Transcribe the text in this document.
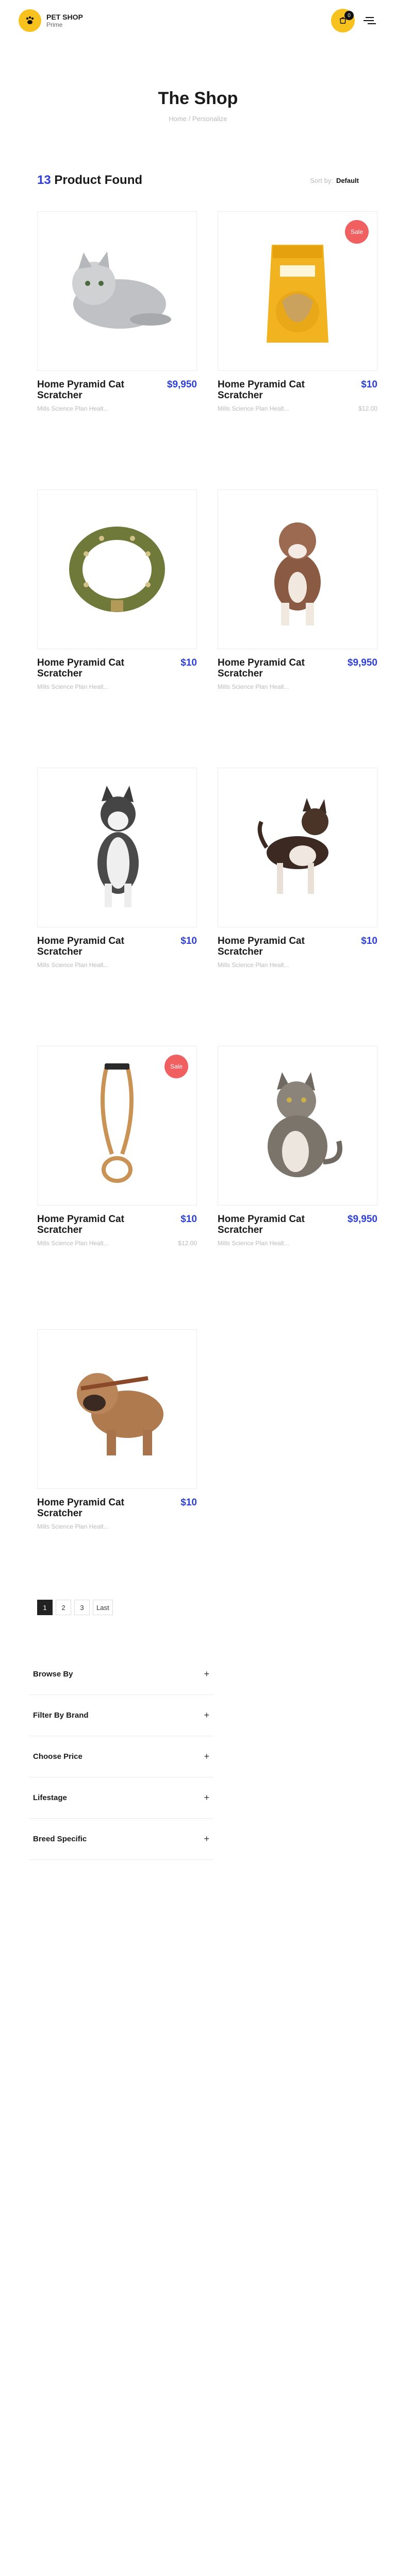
PET SHOP
Prime
0
The Shop
Home / Personalize
13 Product Found	Sort by: Default
Home Pyramid Cat Scratcher
$9,950
Mills Science Plan Healt...
Sale
Home Pyramid Cat Scratcher
$10
Mills Science Plan Healt...	$12.00
Home Pyramid Cat Scratcher
$10
Mills Science Plan Healt...
Home Pyramid Cat Scratcher
$9,950
Mills Science Plan Healt...
Home Pyramid Cat Scratcher
$10
Mills Science Plan Healt...
Home Pyramid Cat Scratcher
$10
Mills Science Plan Healt...
Sale
Home Pyramid Cat Scratcher
$10
Mills Science Plan Healt...	$12.00
Home Pyramid Cat Scratcher
$9,950
Mills Science Plan Healt...
Home Pyramid Cat Scratcher
$10
Mills Science Plan Healt...
1	2	3	Last
Browse By	+
Filter By Brand	+
Choose Price	+
Lifestage	+
Breed Specific	+
